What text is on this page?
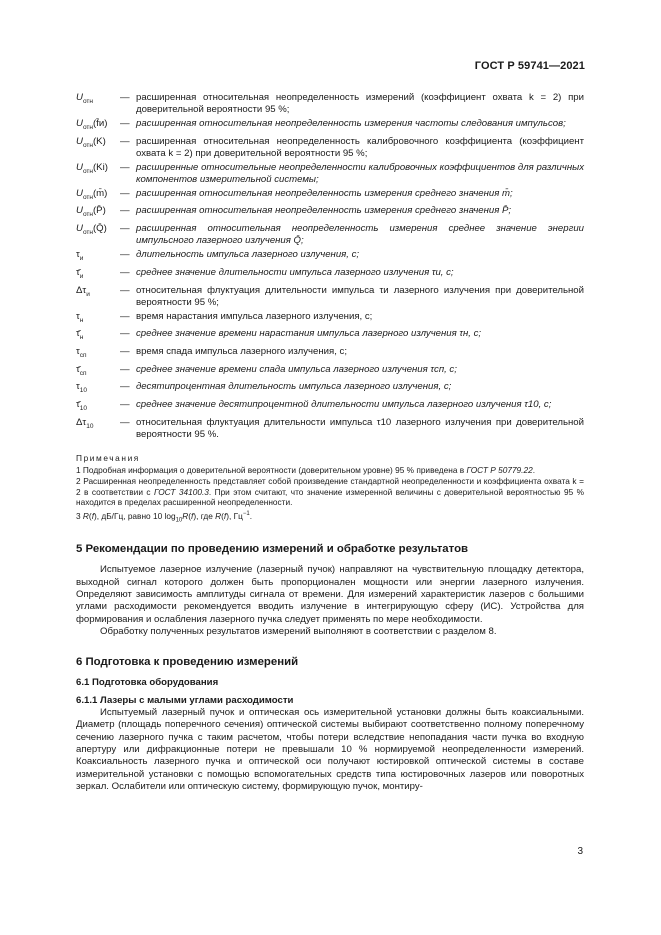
ГОСТ Р 59741—2021
$U_{отн}$	— расширенная относительная неопределенность измерений (коэффициент охвата k = 2) при доверительной вероятности 95 %;
$U_{отн}(f̄и)$	— расширенная относительная неопределенность измерения частоты следования импульсов;
$U_{отн}(K)$	— расширенная относительная неопределенность калибровочного коэффициента (коэффициент охвата k = 2) при доверительной вероятности 95 %;
$U_{отн}(Ki)$	— расширенные относительные неопределенности калибровочных коэффициентов для различных компонентов измерительной системы;
$U_{отн}(m̄)$	— расширенная относительная неопределенность измерения среднего значения m̄;
$U_{отн}(P̄)$	— расширенная относительная неопределенность измерения среднего значения P̄;
$U_{отн}(Q̄)$	— расширенная относительная неопределенность измерения среднее значение энергии импульсного лазерного излучения Q̄;
$\tau_и$	— длительность импульса лазерного излучения, с;
$\taū_и$	— среднее значение длительности импульса лазерного излучения τи, с;
$\Delta\tau_и$	— относительная флуктуация длительности импульса τи лазерного излучения при доверительной вероятности 95 %;
$\tau_н$	— время нарастания импульса лазерного излучения, с;
$\taū_н$	— среднее значение времени нарастания импульса лазерного излучения τн, с;
$\tau_{сп}$	— время спада импульса лазерного излучения, с;
$\taū_{сп}$	— среднее значение времени спада импульса лазерного излучения τсп, с;
$\tau_{10}$	— десятипроцентная длительность импульса лазерного излучения, с;
$\taū_{10}$	— среднее значение десятипроцентной длительности импульса лазерного излучения τ10, с;
$\Delta\tau_{10}$	— относительная флуктуация длительности импульса τ10 лазерного излучения при доверительной вероятности 95 %.
Примечания
1 Подробная информация о доверительной вероятности (доверительном уровне) 95 % приведена в ГОСТ Р 50779.22.
2 Расширенная неопределенность представляет собой произведение стандартной неопределенности и коэффициента охвата k = 2 в соответствии с ГОСТ 34100.3. При этом считают, что значение измеренной величины с доверительной вероятностью 95 % находится в пределах расширенной неопределенности.
3 R(f), дБ/Гц, равно 10 $\log_{10}R(f)$, где R(f), $Гц^{-1}$.
5 Рекомендации по проведению измерений и обработке результатов

Испытуемое лазерное излучение (лазерный пучок) направляют на чувствительную площадку детектора, выходной сигнал которого должен быть пропорционален мощности или энергии лазерного излучения. Определяют зависимость амплитуды сигнала от времени. Для измерений характеристик лазеров с большими углами расходимости рекомендуется вводить излучение в интегрирующую сферу (ИС). Устройства для формирования и ослабления лазерного пучка следует применять по мере необходимости.

Обработку полученных результатов измерений выполняют в соответствии с разделом 8.

6 Подготовка к проведению измерений
6.1 Подготовка оборудования
6.1.1 Лазеры с малыми углами расходимости

Испытуемый лазерный пучок и оптическая ось измерительной установки должны быть коаксиальными. Диаметр (площадь поперечного сечения) оптической системы выбирают соответственно полному поперечному сечению лазерного пучка с таким расчетом, чтобы потери вследствие непопадания части пучка во входную апертуру или дифракционные потери не превышали 10 % нормируемой неопределенности измерений. Коаксиальность лазерного пучка и оптической оси получают юстировкой оптической системы в составе измерительной установки с помощью вспомогательных средств типа юстировочных лазеров или поворотных зеркал. Ослабители или оптическую систему, формирующую пучок, монтиру-

3
